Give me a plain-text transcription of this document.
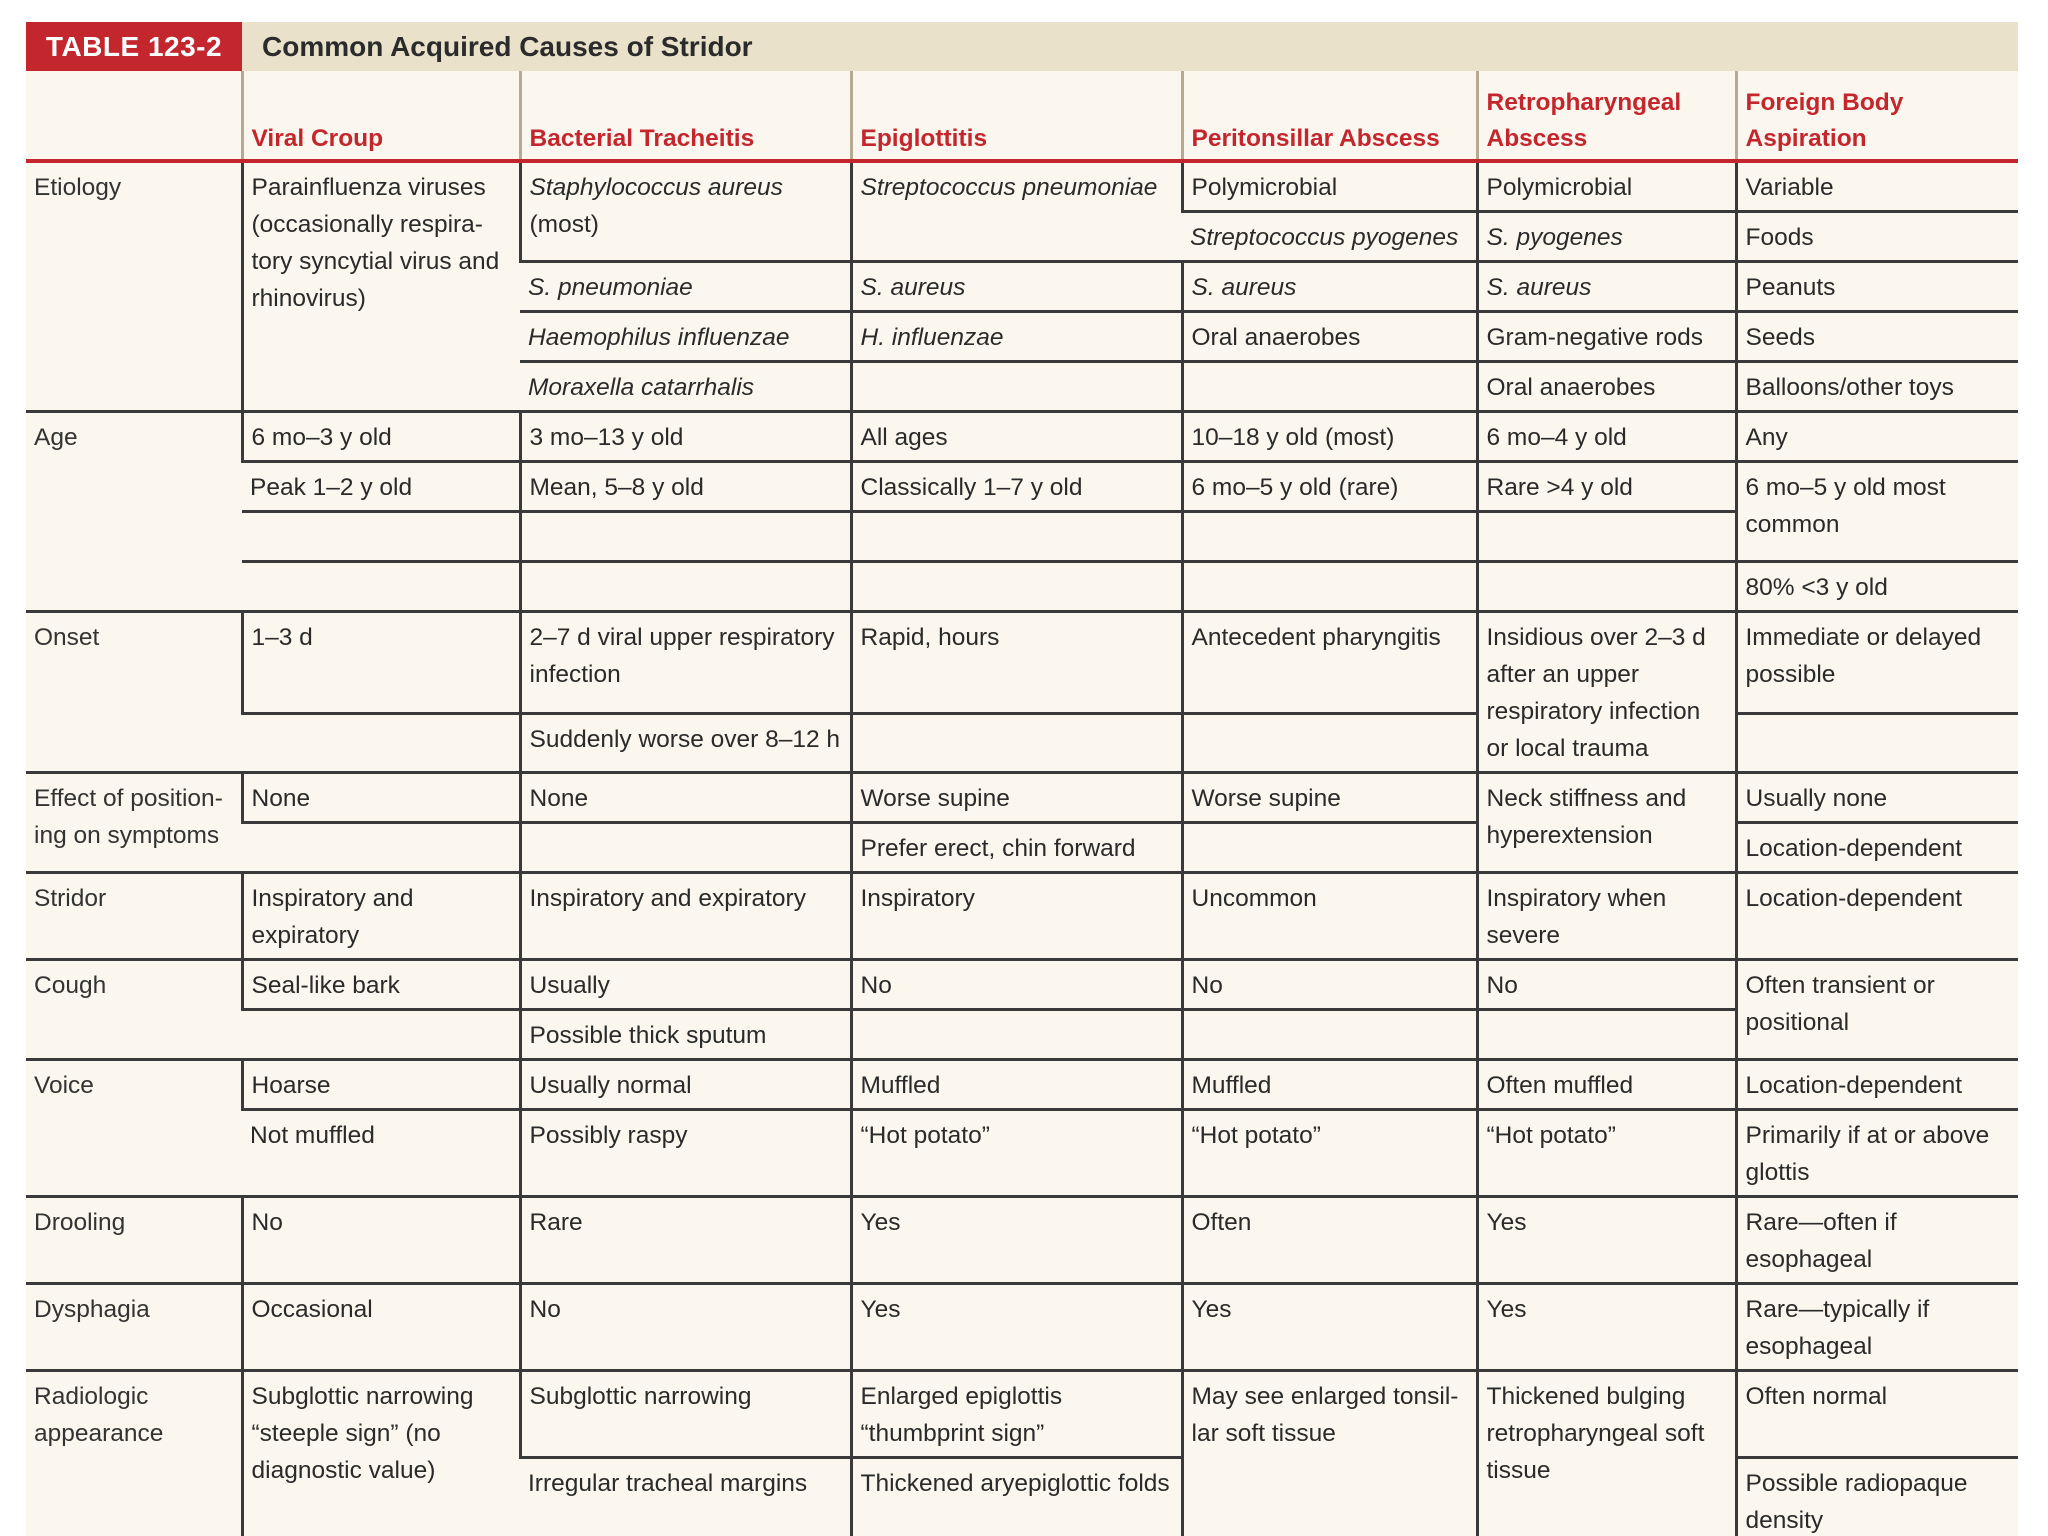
TABLE 123-2	Common Acquired Causes of Stridor
	Viral Croup	Bacterial Tracheitis	Epiglottitis	Peritonsillar Abscess	Retropharyngeal Abscess	Foreign Body Aspiration
Etiology	Parainfluenza viruses (occasionally respira-tory syncytial virus and rhinovirus)	Staphylococcus aureus (most)	Streptococcus pneumoniae	Polymicrobial	Polymicrobial	Variable
				Streptococcus pyogenes	S. pyogenes	Foods
		S. pneumoniae	S. aureus	S. aureus	S. aureus	Peanuts
		Haemophilus influenzae	H. influenzae	Oral anaerobes	Gram-negative rods	Seeds
		Moraxella catarrhalis			Oral anaerobes	Balloons/other toys
Age	6 mo–3 y old	3 mo–13 y old	All ages	10–18 y old (most)	6 mo–4 y old	Any
	Peak 1–2 y old	Mean, 5–8 y old	Classically 1–7 y old	6 mo–5 y old (rare)	Rare >4 y old	6 mo–5 y old most common

						80% <3 y old
Onset	1–3 d	2–7 d viral upper respiratory infection	Rapid, hours	Antecedent pharyngitis	Insidious over 2–3 d after an upper respiratory infection or local trauma	Immediate or delayed possible
		Suddenly worse over 8–12 h				
Effect of position-ing on symptoms	None	None	Worse supine	Worse supine	Neck stiffness and hyperextension	Usually none
			Prefer erect, chin forward			Location-dependent
Stridor	Inspiratory and expiratory	Inspiratory and expiratory	Inspiratory	Uncommon	Inspiratory when severe	Location-dependent
Cough	Seal-like bark	Usually	No	No	No	Often transient or positional
		Possible thick sputum				
Voice	Hoarse	Usually normal	Muffled	Muffled	Often muffled	Location-dependent
	Not muffled	Possibly raspy	“Hot potato”	“Hot potato”	“Hot potato”	Primarily if at or above glottis
Drooling	No	Rare	Yes	Often	Yes	Rare—often if esophageal
Dysphagia	Occasional	No	Yes	Yes	Yes	Rare—typically if esophageal
Radiologic appearance	Subglottic narrowing “steeple sign” (no diagnostic value)	Subglottic narrowing	Enlarged epiglottis “thumbprint sign”	May see enlarged tonsil-lar soft tissue	Thickened bulging retropharyngeal soft tissue	Often normal
		Irregular tracheal margins	Thickened aryepiglottic folds			Possible radiopaque density
